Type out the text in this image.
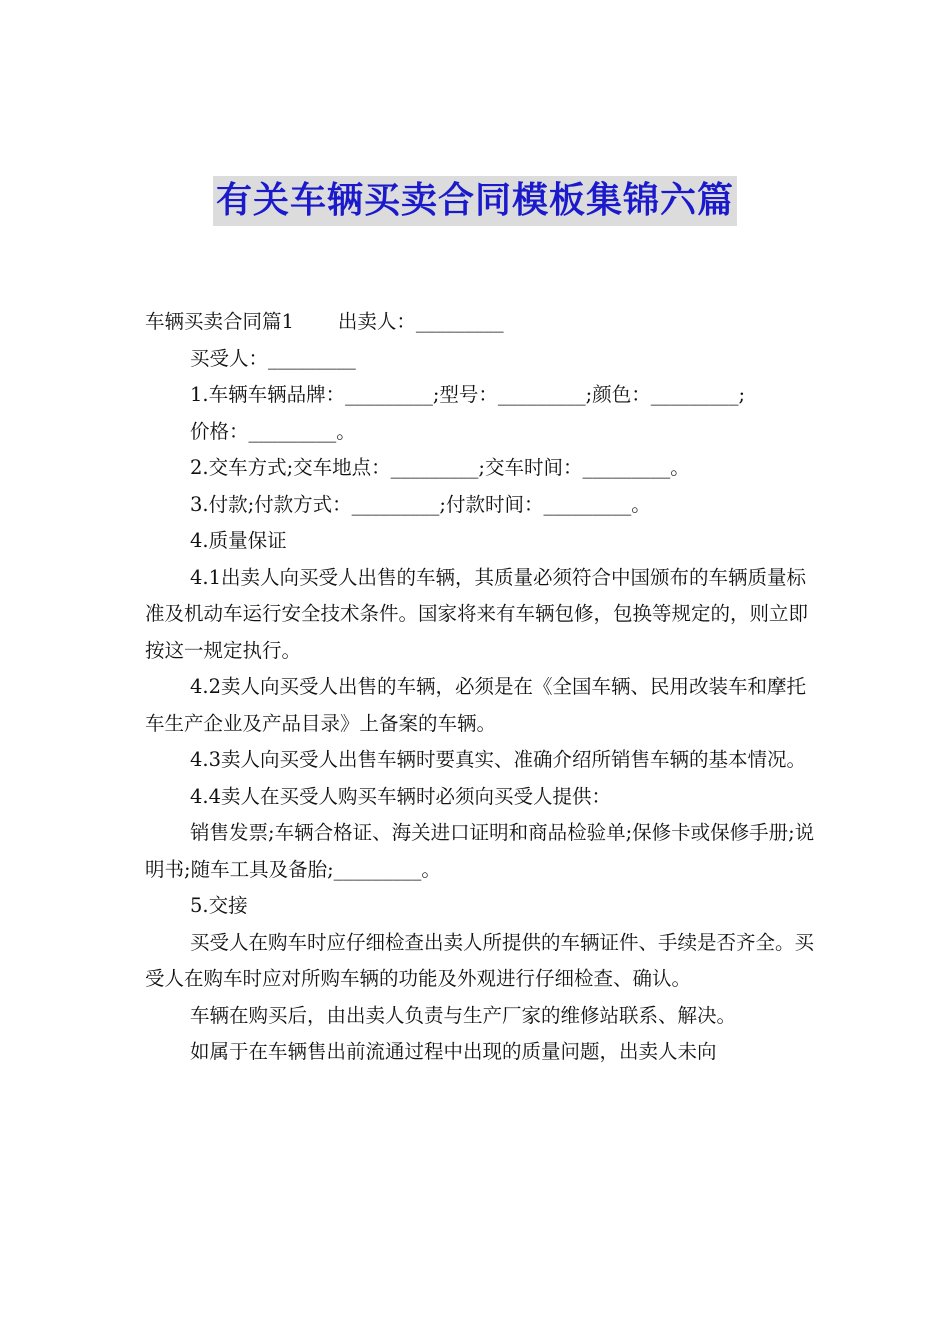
有关车辆买卖合同模板集锦六篇

车辆买卖合同篇1 出卖人：_________

买受人：_________

1.车辆车辆品牌：_________;型号：_________;颜色：_________;

价格：_________。

2.交车方式;交车地点：_________;交车时间：_________。

3.付款;付款方式：_________;付款时间：_________。

4.质量保证

4.1出卖人向买受人出售的车辆，其质量必须符合中国颁布的车辆质量标准及机动车运行安全技术条件。国家将来有车辆包修，包换等规定的，则立即按这一规定执行。

4.2卖人向买受人出售的车辆，必须是在《全国车辆、民用改装车和摩托车生产企业及产品目录》上备案的车辆。

4.3卖人向买受人出售车辆时要真实、准确介绍所销售车辆的基本情况。

4.4卖人在买受人购买车辆时必须向买受人提供：

销售发票;车辆合格证、海关进口证明和商品检验单;保修卡或保修手册;说明书;随车工具及备胎;_________。

5.交接

买受人在购车时应仔细检查出卖人所提供的车辆证件、手续是否齐全。买受人在购车时应对所购车辆的功能及外观进行仔细检查、确认。

车辆在购买后，由出卖人负责与生产厂家的维修站联系、解决。

如属于在车辆售出前流通过程中出现的质量问题，出卖人未向
